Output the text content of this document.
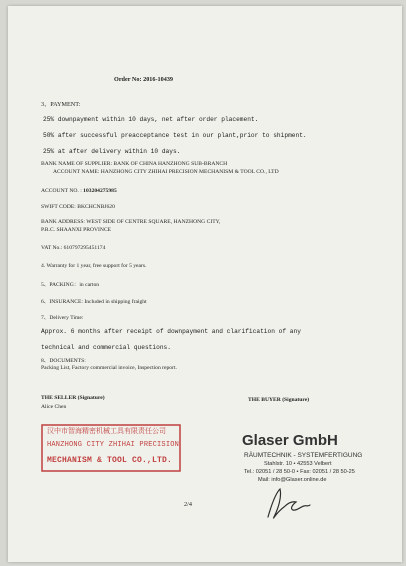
Order No: 2016-10439
3、PAYMENT:
25% downpayment within 10 days, net after order placement.
50% after successful preacceptance test in our plant,prior to shipment.
25% at after delivery within 10 days.
BANK NAME OF SUPPLIER: BANK OF CHINA HANZHONG SUB-BRANCH
ACCOUNT NAME: HANZHONG CITY ZHIHAI PRECISION MECHANISM & TOOL CO., LTD
ACCOUNT NO. : 103204275985
SWIFT CODE: BKCHCNBJ620
BANK ADDRESS: WEST SIDE OF CENTRE SQUARE, HANZHONG CITY,
P.R.C. SHAANXI PROVINCE
VAT No.: 610797295451174
4. Warranty for 1 year, free support for 5 years.
5、PACKING：in carton
6、INSURANCE: Included in shipping fraight
7、Delivery Time:
Approx. 6 months after receipt of downpayment and clarification of any
technical and commercial questions.
8、DOCUMENTS:
Packing List, Factory commercial invoice, Inspection report.
THE SELLER (Signature)
Alice Chen
THE BUYER (Signature)
汉中市智海精密机械工具有限责任公司
HANZHONG CITY ZHIHAI PRECISION
MECHANISM & TOOL CO.,LTD.
Glaser GmbH
RÄUMTECHNIK - SYSTEMFERTIGUNG
Stahlstr. 10 • 42553 Velbert
Tel.: 02051 / 28 50-0 • Fax: 02051 / 28 50-25
Mail: info@Glaser.online.de
2/4
